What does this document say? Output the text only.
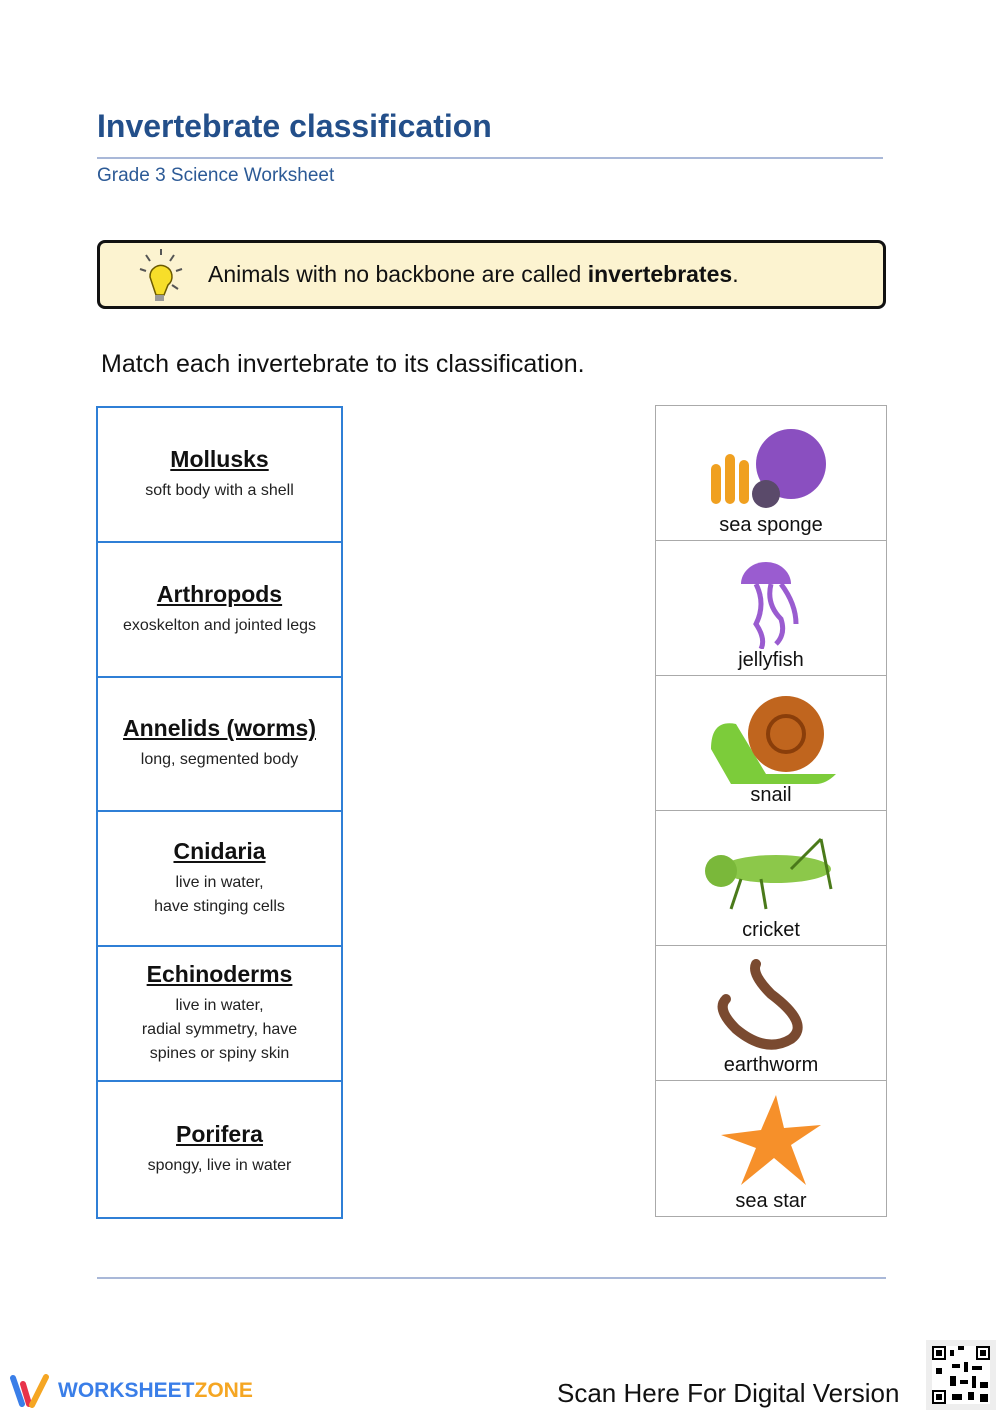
Invertebrate classification
Grade 3 Science Worksheet
Animals with no backbone are called invertebrates.
Match each invertebrate to its classification.
Mollusks
soft body with a shell
Arthropods
exoskelton and jointed legs
Annelids (worms)
long, segmented body
Cnidaria
live in water,
have stinging cells
Echinoderms
live in water,
radial symmetry, have
spines or spiny skin
Porifera
spongy, live in water
sea sponge
jellyfish
snail
cricket
earthworm
sea star
WORKSHEETZONE	Scan Here For Digital Version
